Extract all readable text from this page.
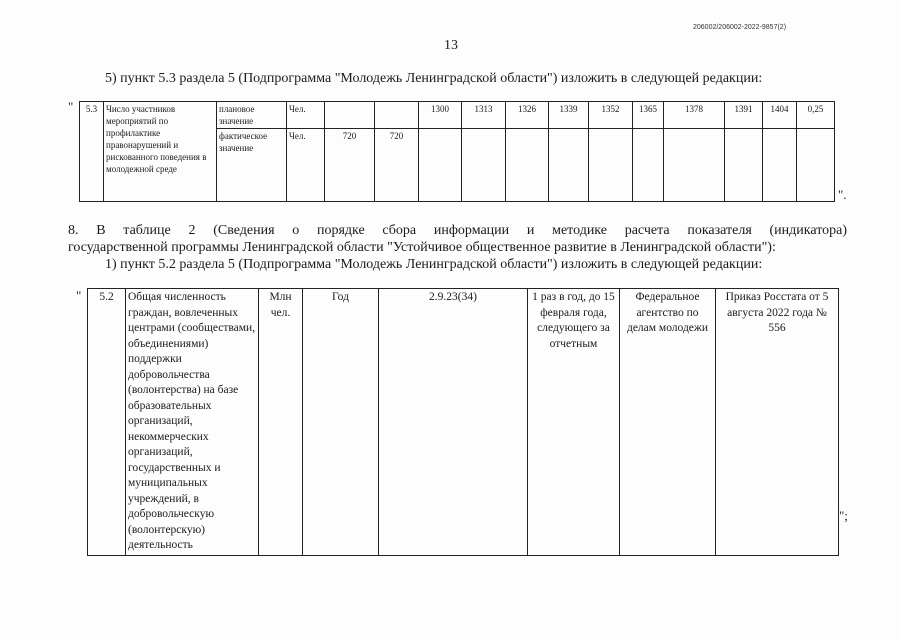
206002/206002-2022-9857(2)
13
5) пункт 5.3 раздела 5 (Подпрограмма "Молодежь Ленинградской области") изложить в следующей редакции:
" 5.3	Число участников мероприятий по профилактике правонарушений и рискованного поведения в молодежной среде	плановое значение	Чел.			1300	1313	1326	1339	1352	1365	1378	1391	1404	0,25
		фактическое значение	Чел.	720	720										
".
8. В таблице 2 (Сведения о порядке сбора информации и методике расчета показателя (индикатора)
государственной программы Ленинградской области "Устойчивое общественное развитие в Ленинградской области"):
1) пункт 5.2 раздела 5 (Подпрограмма "Молодежь Ленинградской области") изложить в следующей редакции:
" 5.2	Общая численность граждан, вовлеченных центрами (сообществами, объединениями) поддержки добровольчества (волонтерства) на базе образовательных организаций, некоммерческих организаций, государственных и муниципальных учреждений, в добровольческую (волонтерскую) деятельность	Млн чел.	Год	2.9.23(34)	1 раз в год, до 15 февраля года, следующего за отчетным	Федеральное агентство по делам молодежи	Приказ Росстата от 5 августа 2022 года № 556
";
